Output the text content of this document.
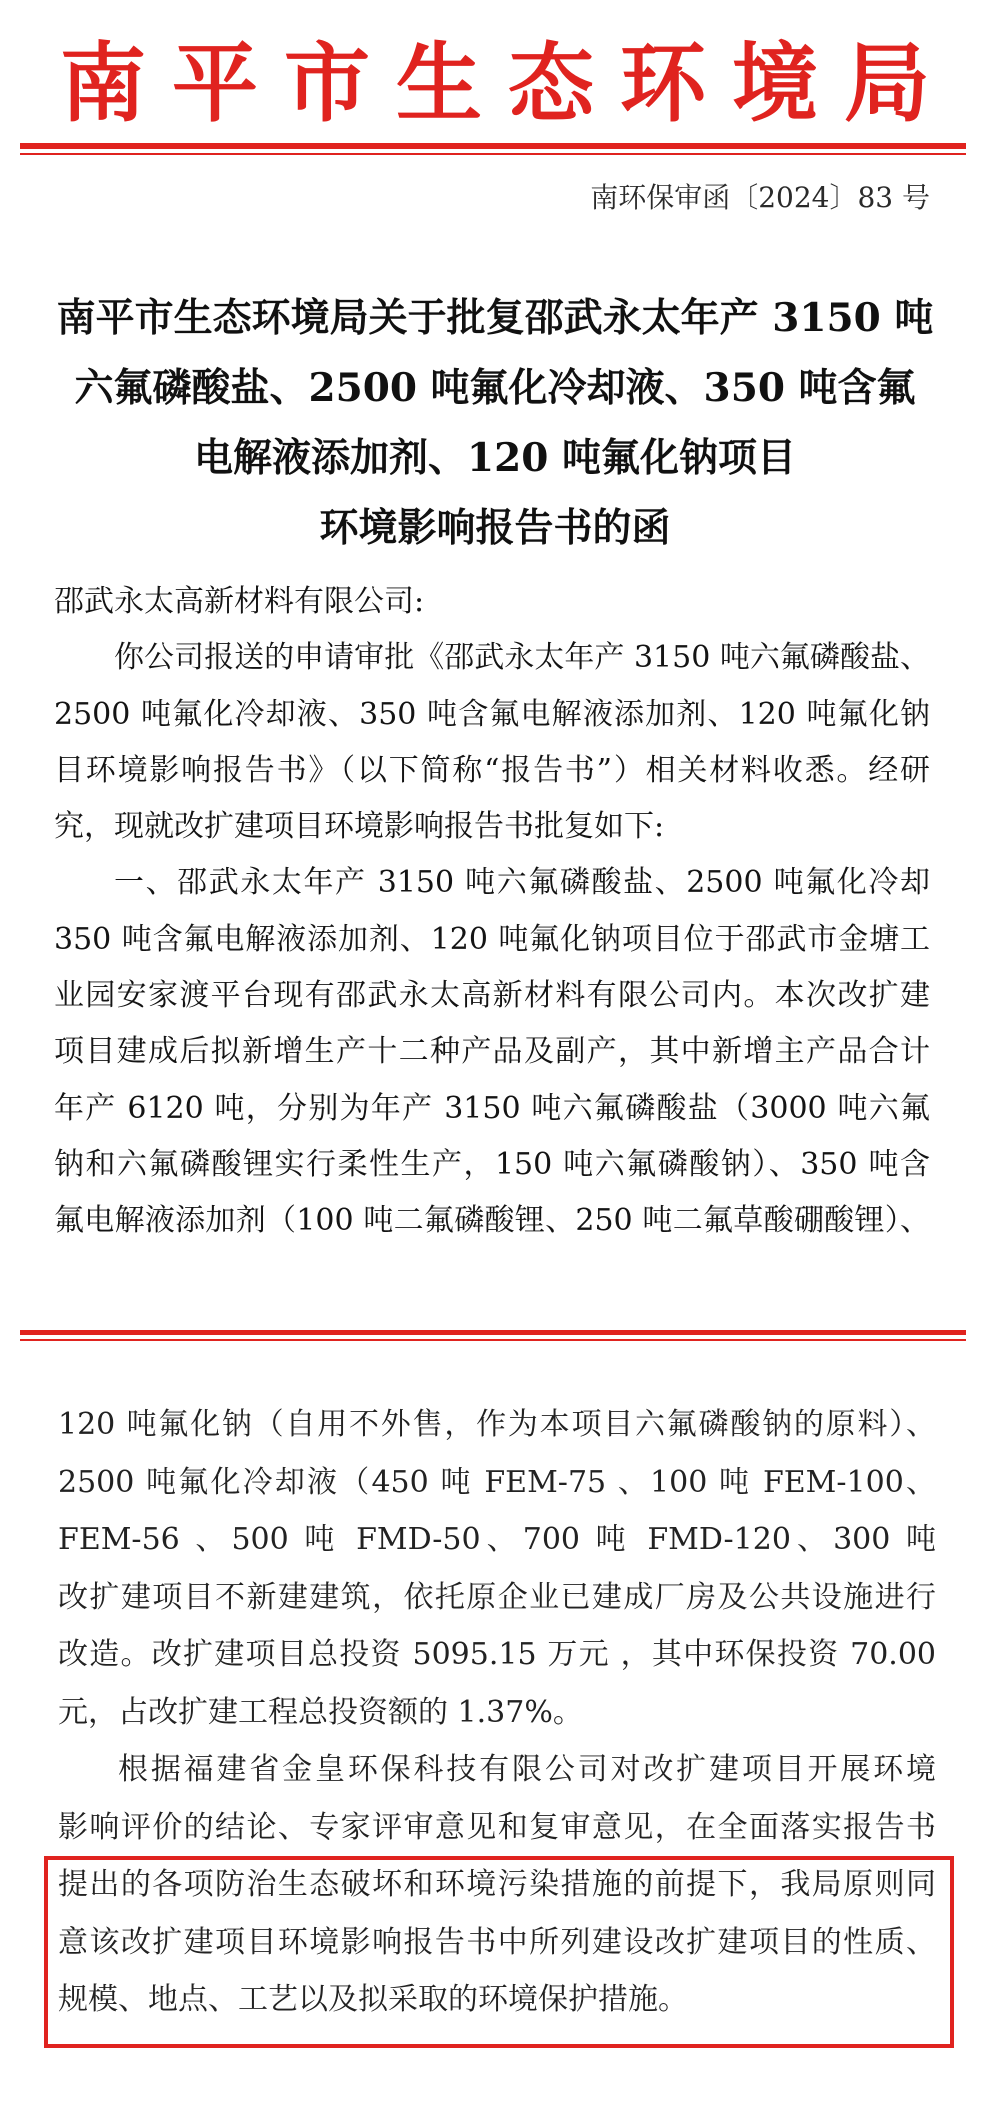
南平市生态环境局
南环保审函〔2024〕83 号
南平市生态环境局关于批复邵武永太年产 3150 吨
六氟磷酸盐、2500 吨氟化冷却液、350 吨含氟
电解液添加剂、120 吨氟化钠项目
环境影响报告书的函
邵武永太高新材料有限公司:
你公司报送的申请审批《邵武永太年产 3150 吨六氟磷酸盐、
2500 吨氟化冷却液、350 吨含氟电解液添加剂、120 吨氟化钠
目环境影响报告书》（以下简称“报告书”）相关材料收悉。经研
究，现就改扩建项目环境影响报告书批复如下:
一、邵武永太年产 3150 吨六氟磷酸盐、2500 吨氟化冷却
350 吨含氟电解液添加剂、120 吨氟化钠项目位于邵武市金塘工
业园安家渡平台现有邵武永太高新材料有限公司内。本次改扩建
项目建成后拟新增生产十二种产品及副产，其中新增主产品合计
年产 6120 吨，分别为年产 3150 吨六氟磷酸盐（3000 吨六氟
钠和六氟磷酸锂实行柔性生产，150 吨六氟磷酸钠）、350 吨含
氟电解液添加剂（100 吨二氟磷酸锂、250 吨二氟草酸硼酸锂）、
120 吨氟化钠（自用不外售，作为本项目六氟磷酸钠的原料）、
2500 吨氟化冷却液（450 吨 FEM-75 、100 吨 FEM-100、
FEM-56 、500 吨 FMD-50、700 吨 FMD-120、300 吨
改扩建项目不新建建筑，依托原企业已建成厂房及公共设施进行
改造。改扩建项目总投资 5095.15 万元 ，其中环保投资 70.00
元，占改扩建工程总投资额的 1.37%。
根据福建省金皇环保科技有限公司对改扩建项目开展环境
影响评价的结论、专家评审意见和复审意见，在全面落实报告书
提出的各项防治生态破坏和环境污染措施的前提下，我局原则同
意该改扩建项目环境影响报告书中所列建设改扩建项目的性质、
规模、地点、工艺以及拟采取的环境保护措施。
